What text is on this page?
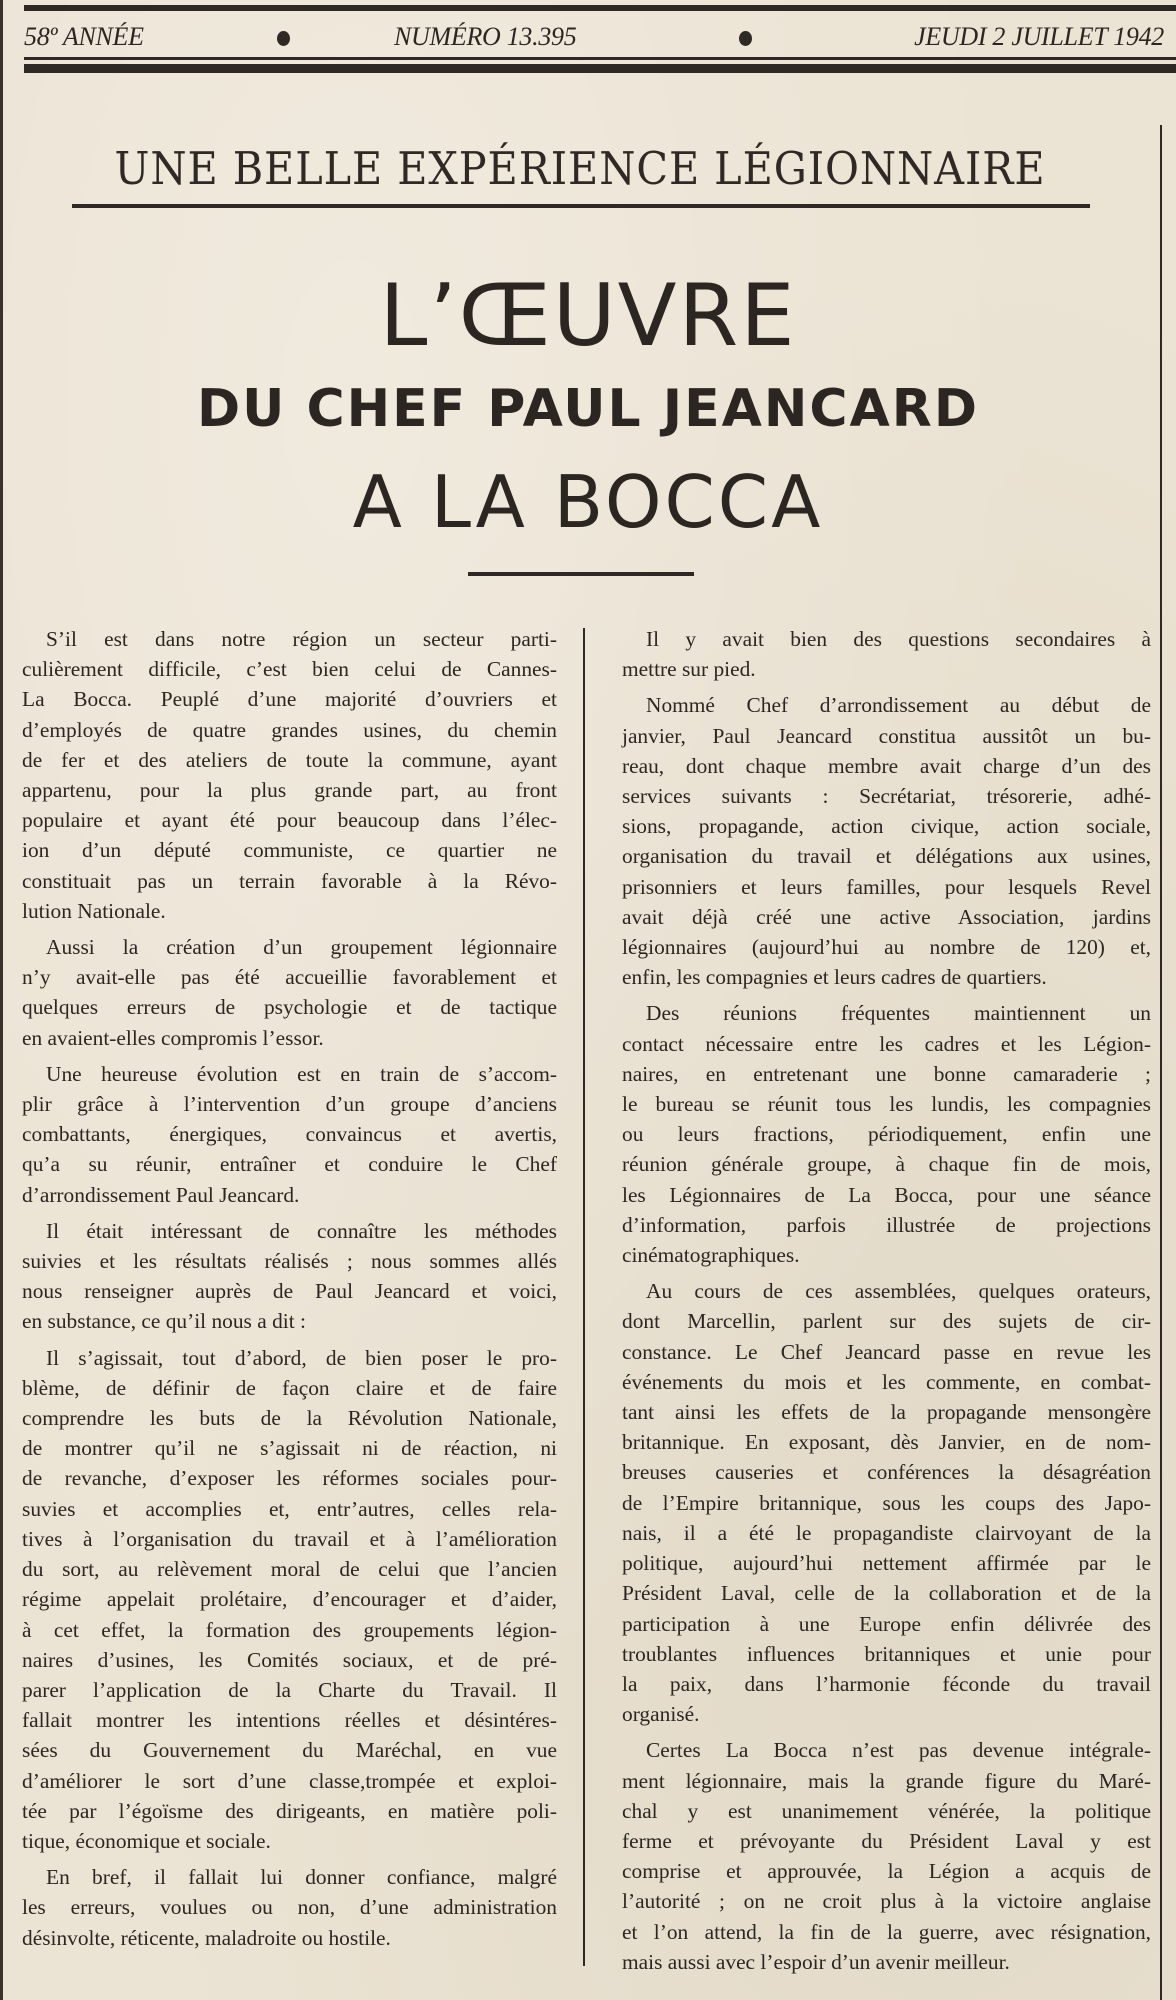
58º ANNÉE	NUMÉRO 13.395	JEUDI 2 JUILLET 1942
UNE BELLE EXPÉRIENCE LÉGIONNAIRE
L’ŒUVRE
DU CHEF PAUL JEANCARD
A LA BOCCA
S’il est dans notre région un secteur parti-
culièrement difficile, c’est bien celui de Cannes-
La Bocca. Peuplé d’une majorité d’ouvriers et
d’employés de quatre grandes usines, du chemin
de fer et des ateliers de toute la commune, ayant
appartenu, pour la plus grande part, au front
populaire et ayant été pour beaucoup dans l’élec-
ion d’un député communiste, ce quartier ne
constituait pas un terrain favorable à la Révo-
lution Nationale.
Aussi la création d’un groupement légionnaire
n’y avait-elle pas été accueillie favorablement et
quelques erreurs de psychologie et de tactique
en avaient-elles compromis l’essor.
Une heureuse évolution est en train de s’accom-
plir grâce à l’intervention d’un groupe d’anciens
combattants, énergiques, convaincus et avertis,
qu’a su réunir, entraîner et conduire le Chef
d’arrondissement Paul Jeancard.
Il était intéressant de connaître les méthodes
suivies et les résultats réalisés ; nous sommes allés
nous renseigner auprès de Paul Jeancard et voici,
en substance, ce qu’il nous a dit :
Il s’agissait, tout d’abord, de bien poser le pro-
blème, de définir de façon claire et de faire
comprendre les buts de la Révolution Nationale,
de montrer qu’il ne s’agissait ni de réaction, ni
de revanche, d’exposer les réformes sociales pour-
suvies et accomplies et, entr’autres, celles rela-
tives à l’organisation du travail et à l’amélioration
du sort, au relèvement moral de celui que l’ancien
régime appelait prolétaire, d’encourager et d’aider,
à cet effet, la formation des groupements légion-
naires d’usines, les Comités sociaux, et de pré-
parer l’application de la Charte du Travail. Il
fallait montrer les intentions réelles et désintéres-
sées du Gouvernement du Maréchal, en vue
d’améliorer le sort d’une classe,trompée et exploi-
tée par l’égoïsme des dirigeants, en matière poli-
tique, économique et sociale.
En bref, il fallait lui donner confiance, malgré
les erreurs, voulues ou non, d’une administration
désinvolte, réticente, maladroite ou hostile.
Il y avait bien des questions secondaires à
mettre sur pied.
Nommé Chef d’arrondissement au début de
janvier, Paul Jeancard constitua aussitôt un bu-
reau, dont chaque membre avait charge d’un des
services suivants : Secrétariat, trésorerie, adhé-
sions, propagande, action civique, action sociale,
organisation du travail et délégations aux usines,
prisonniers et leurs familles, pour lesquels Revel
avait déjà créé une active Association, jardins
légionnaires (aujourd’hui au nombre de 120) et,
enfin, les compagnies et leurs cadres de quartiers.
Des réunions fréquentes maintiennent un
contact nécessaire entre les cadres et les Légion-
naires, en entretenant une bonne camaraderie ;
le bureau se réunit tous les lundis, les compagnies
ou leurs fractions, périodiquement, enfin une
réunion générale groupe, à chaque fin de mois,
les Légionnaires de La Bocca, pour une séance
d’information, parfois illustrée de projections
cinématographiques.
Au cours de ces assemblées, quelques orateurs,
dont Marcellin, parlent sur des sujets de cir-
constance. Le Chef Jeancard passe en revue les
événements du mois et les commente, en combat-
tant ainsi les effets de la propagande mensongère
britannique. En exposant, dès Janvier, en de nom-
breuses causeries et conférences la désagréation
de l’Empire britannique, sous les coups des Japo-
nais, il a été le propagandiste clairvoyant de la
politique, aujourd’hui nettement affirmée par le
Président Laval, celle de la collaboration et de la
participation à une Europe enfin délivrée des
troublantes influences britanniques et unie pour
la paix, dans l’harmonie féconde du travail
organisé.
Certes La Bocca n’est pas devenue intégrale-
ment légionnaire, mais la grande figure du Maré-
chal y est unanimement vénérée, la politique
ferme et prévoyante du Président Laval y est
comprise et approuvée, la Légion a acquis de
l’autorité ; on ne croit plus à la victoire anglaise
et l’on attend, la fin de la guerre, avec résignation,
mais aussi avec l’espoir d’un avenir meilleur.
